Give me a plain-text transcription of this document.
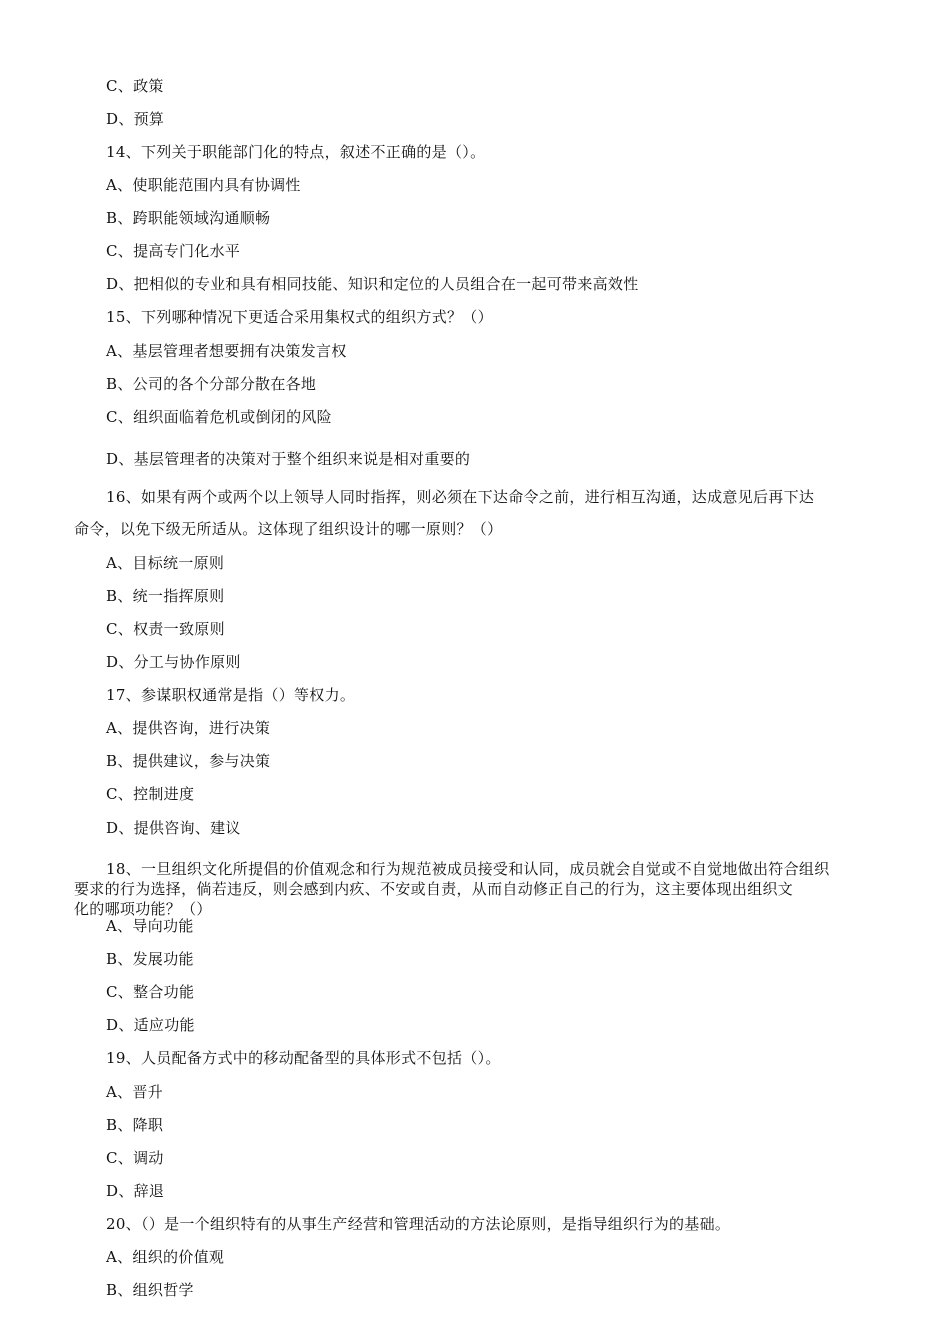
C、政策
D、预算
14、下列关于职能部门化的特点，叙述不正确的是（）。
A、使职能范围内具有协调性
B、跨职能领域沟通顺畅
C、提高专门化水平
D、把相似的专业和具有相同技能、知识和定位的人员组合在一起可带来高效性
15、下列哪种情况下更适合采用集权式的组织方式？（）
A、基层管理者想要拥有决策发言权
B、公司的各个分部分散在各地
C、组织面临着危机或倒闭的风险
D、基层管理者的决策对于整个组织来说是相对重要的
16、如果有两个或两个以上领导人同时指挥，则必须在下达命令之前，进行相互沟通，达成意见后再下达
命令，以免下级无所适从。这体现了组织设计的哪一原则？（）
A、目标统一原则
B、统一指挥原则
C、权责一致原则
D、分工与协作原则
17、参谋职权通常是指（）等权力。
A、提供咨询，进行决策
B、提供建议，参与决策
C、控制进度
D、提供咨询、建议
18、一旦组织文化所提倡的价值观念和行为规范被成员接受和认同，成员就会自觉或不自觉地做出符合组织
要求的行为选择，倘若违反，则会感到内疚、不安或自责，从而自动修正自己的行为，这主要体现出组织文
化的哪项功能？（）
A、导向功能
B、发展功能
C、整合功能
D、适应功能
19、人员配备方式中的移动配备型的具体形式不包括（）。
A、晋升
B、降职
C、调动
D、辞退
20、（）是一个组织特有的从事生产经营和管理活动的方法论原则，是指导组织行为的基础。
A、组织的价值观
B、组织哲学
